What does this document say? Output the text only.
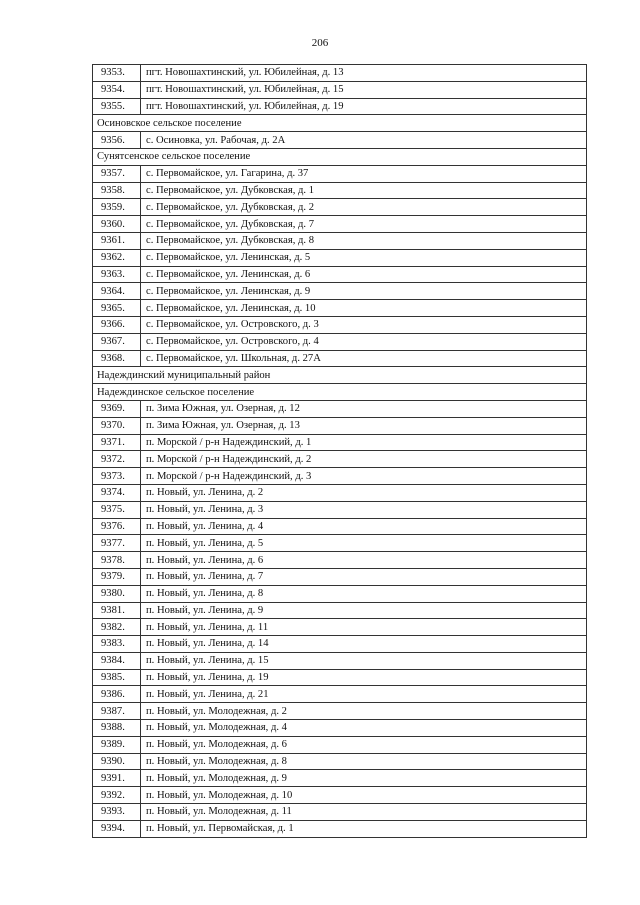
206
9353.	пгт. Новошахтинский, ул. Юбилейная, д. 13
9354.	пгт. Новошахтинский, ул. Юбилейная, д. 15
9355.	пгт. Новошахтинский, ул. Юбилейная, д. 19
Осиновское сельское поселение	
9356.	с. Осиновка, ул. Рабочая, д. 2А
Сунятсенское сельское поселение	
9357.	с. Первомайское, ул. Гагарина, д. 37
9358.	с. Первомайское, ул. Дубковская, д. 1
9359.	с. Первомайское, ул. Дубковская, д. 2
9360.	с. Первомайское, ул. Дубковская, д. 7
9361.	с. Первомайское, ул. Дубковская, д. 8
9362.	с. Первомайское, ул. Ленинская, д. 5
9363.	с. Первомайское, ул. Ленинская, д. 6
9364.	с. Первомайское, ул. Ленинская, д. 9
9365.	с. Первомайское, ул. Ленинская, д. 10
9366.	с. Первомайское, ул. Островского, д. 3
9367.	с. Первомайское, ул. Островского, д. 4
9368.	с. Первомайское, ул. Школьная, д. 27А
Надеждинский муниципальный район	
Надеждинское сельское поселение	
9369.	п. Зима Южная, ул. Озерная, д. 12
9370.	п. Зима Южная, ул. Озерная, д. 13
9371.	п. Морской / р-н Надеждинский, д. 1
9372.	п. Морской / р-н Надеждинский, д. 2
9373.	п. Морской / р-н Надеждинский, д. 3
9374.	п. Новый, ул. Ленина, д. 2
9375.	п. Новый, ул. Ленина, д. 3
9376.	п. Новый, ул. Ленина, д. 4
9377.	п. Новый, ул. Ленина, д. 5
9378.	п. Новый, ул. Ленина, д. 6
9379.	п. Новый, ул. Ленина, д. 7
9380.	п. Новый, ул. Ленина, д. 8
9381.	п. Новый, ул. Ленина, д. 9
9382.	п. Новый, ул. Ленина, д. 11
9383.	п. Новый, ул. Ленина, д. 14
9384.	п. Новый, ул. Ленина, д. 15
9385.	п. Новый, ул. Ленина, д. 19
9386.	п. Новый, ул. Ленина, д. 21
9387.	п. Новый, ул. Молодежная, д. 2
9388.	п. Новый, ул. Молодежная, д. 4
9389.	п. Новый, ул. Молодежная, д. 6
9390.	п. Новый, ул. Молодежная, д. 8
9391.	п. Новый, ул. Молодежная, д. 9
9392.	п. Новый, ул. Молодежная, д. 10
9393.	п. Новый, ул. Молодежная, д. 11
9394.	п. Новый, ул. Первомайская, д. 1
